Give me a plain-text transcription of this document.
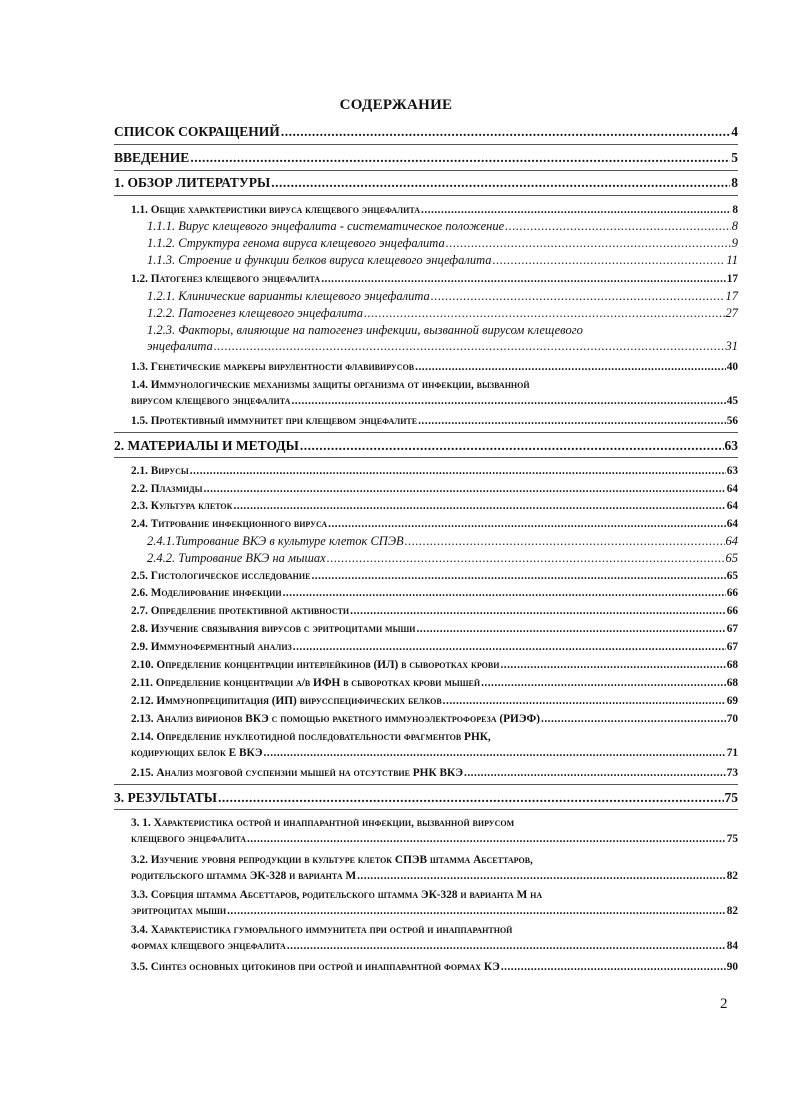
СОДЕРЖАНИЕ
СПИСОК СОКРАЩЕНИЙ .....	4
ВВЕДЕНИЕ .....	5
1. ОБЗОР ЛИТЕРАТУРЫ .....	8
1.1. Общие характеристики вируса клещевого энцефалита .....	8
1.1.1. Вирус клещевого энцефалита - систематическое положение .....	8
1.1.2. Структура генома вируса клещевого энцефалита .....	9
1.1.3. Строение и функции белков вируса клещевого энцефалита .....	11
1.2. Патогенез клещевого энцефалита .....	17
1.2.1. Клинические варианты клещевого энцефалита .....	17
1.2.2. Патогенез клещевого энцефалита .....	27
1.2.3. Факторы, влияющие на патогенез инфекции, вызванной вирусом клещевого
энцефалита .....	31
1.3. Генетические маркеры вирулентности флавивирусов .....	40
1.4. Иммунологические механизмы защиты организма от инфекции, вызванной
вирусом клещевого энцефалита .....	45
1.5. Протективный иммунитет при клещевом энцефалите .....	56
2. МАТЕРИАЛЫ И МЕТОДЫ .....	63
2.1. Вирусы .....	63
2.2. Плазмиды .....	64
2.3. Культура клеток .....	64
2.4. Титрование инфекционного вируса .....	64
2.4.1.Титрование ВКЭ в культуре клеток СПЭВ .....	64
2.4.2. Титрование ВКЭ на мышах .....	65
2.5. Гистологическое исследование .....	65
2.6. Моделирование инфекции .....	66
2.7. Определение протективной активности .....	66
2.8. Изучение связывания вирусов с эритроцитами мыши .....	67
2.9. Иммуноферментный анализ .....	67
2.10. Определение концентрации интерлейкинов (ИЛ) в сыворотках крови .....	68
2.11. Определение концентрации а/в ИФН в сыворотках крови мышей .....	68
2.12. Иммунопреципитация (ИП) вирусспецифических белков .....	69
2.13. Анализ вирионов ВКЭ с помощью ракетного иммуноэлектрофореза (РИЭФ) .....	70
2.14. Определение нуклеотидной последовательности фрагментов РНК,
кодирующих белок Е ВКЭ .....	71
2.15. Анализ мозговой суспензии мышей на отсутствие РНК ВКЭ .....	73
3. РЕЗУЛЬТАТЫ .....	75
3. 1. Характеристика острой и инаппарантной инфекции, вызванной вирусом
клещевого энцефалита .....	75
3.2. Изучение уровня репродукции в культуре клеток СПЭВ штамма Абсеттаров,
родительского штамма ЭК-328 и варианта М .....	82
3.3. Сорбция штамма Абсеттаров, родительского штамма ЭК-328 и варианта М на
эритроцитах мыши .....	82
3.4. Характеристика гуморального иммунитета при острой и инаппарантной
формах клещевого энцефалита .....	84
3.5. Синтез основных цитокинов при острой и инаппарантной формах КЭ .....	90
2
